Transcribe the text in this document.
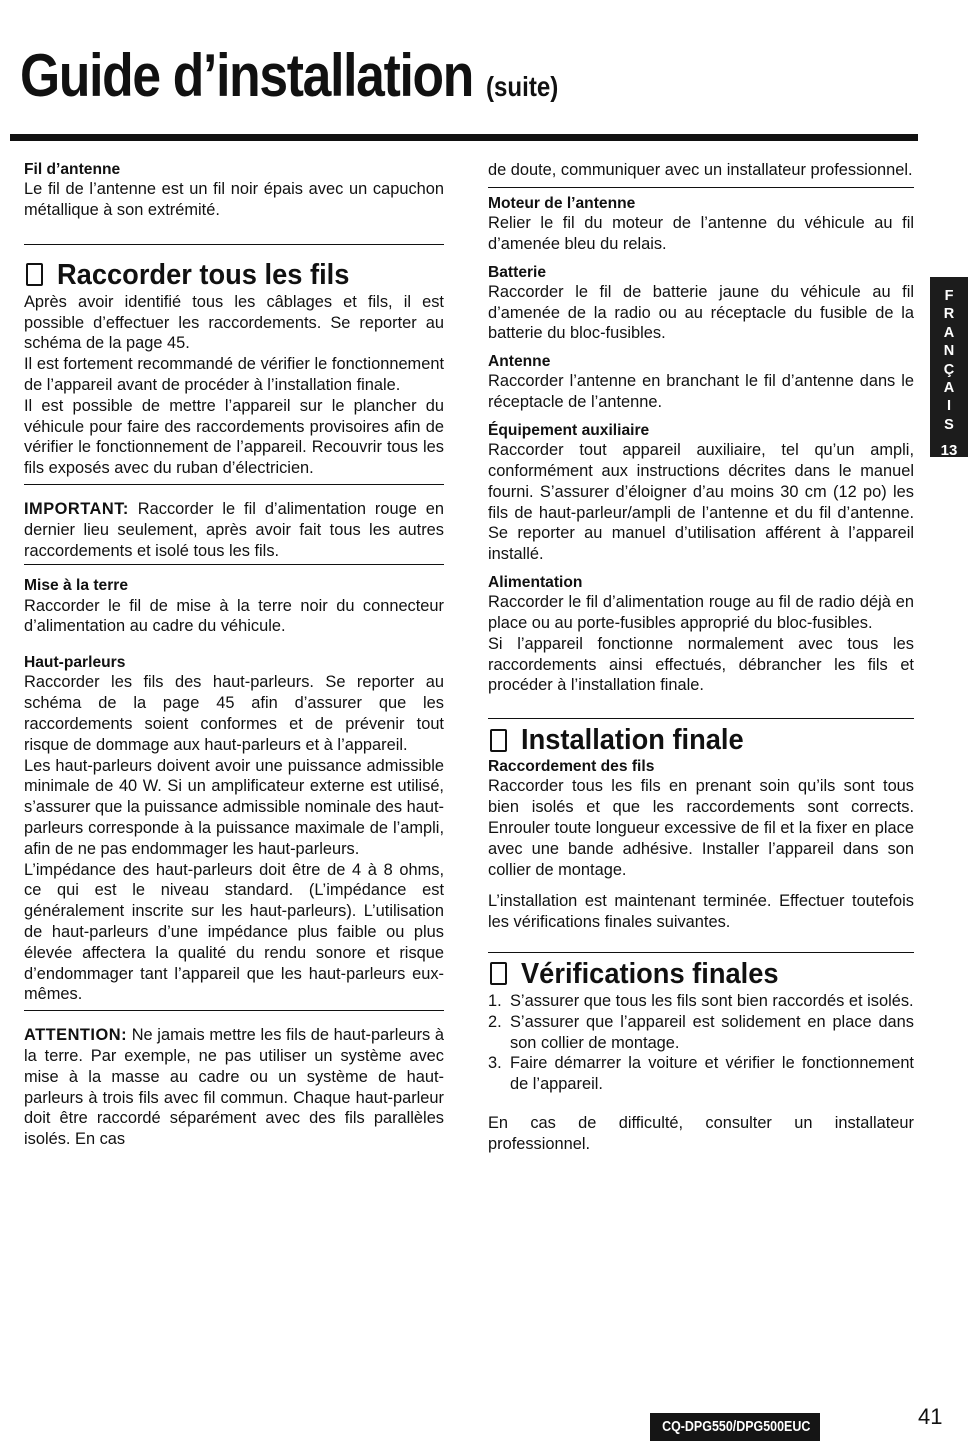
Guide d’installation (suite)
Fil d’antenne

Le fil de l’antenne est un fil noir épais avec un capuchon métallique à son extrémité.

Raccorder tous les fils

Après avoir identifié tous les câblages et fils, il est possible d’effectuer les raccordements. Se reporter au schéma de la page 45.

Il est fortement recommandé de vérifier le fonctionnement de l’appareil avant de procéder à l’installation finale.

Il est possible de mettre l’appareil sur le plancher du véhicule pour faire des raccordements provisoires afin de vérifier le fonctionnement de l’appareil. Recouvrir tous les fils exposés avec du ruban d’électricien.

IMPORTANT: Raccorder le fil d’alimentation rouge en dernier lieu seulement, après avoir fait tous les autres raccordements et isolé tous les fils.

Mise à la terre

Raccorder le fil de mise à la terre noir du connecteur d’alimentation au cadre du véhicule.

Haut-parleurs

Raccorder les fils des haut-parleurs. Se reporter au schéma de la page 45 afin d’assurer que les raccordements soient conformes et de prévenir tout risque de dommage aux haut-parleurs et à l’appareil.

Les haut-parleurs doivent avoir une puissance admissible minimale de 40 W. Si un amplificateur externe est utilisé, s’assurer que la puissance admissible nominale des haut-parleurs corresponde à la puissance maximale de l’ampli, afin de ne pas endommager les haut-parleurs.

L’impédance des haut-parleurs doit être de 4 à 8 ohms, ce qui est le niveau standard. (L’impédance est généralement inscrite sur les haut-parleurs). L’utilisation de haut-parleurs d’une impédance plus faible ou plus élevée affectera la qualité du rendu sonore et risque d’endommager tant l’appareil que les haut-parleurs eux-mêmes.

ATTENTION: Ne jamais mettre les fils de haut-parleurs à la terre. Par exemple, ne pas utiliser un système avec mise à la masse au cadre ou un système de haut-parleurs à trois fils avec fil commun. Chaque haut-parleur doit être raccordé séparément avec des fils parallèles isolés. En cas

de doute, communiquer avec un installateur professionnel.

Moteur de l’antenne

Relier le fil du moteur de l’antenne du véhicule au fil d’amenée bleu du relais.

Batterie

Raccorder le fil de batterie jaune du véhicule au fil d’amenée de la radio ou au réceptacle du fusible de la batterie du bloc-fusibles.

Antenne

Raccorder l’antenne en branchant le fil d’antenne dans le réceptacle de l’antenne.

Équipement auxiliaire

Raccorder tout appareil auxiliaire, tel qu’un ampli, conformément aux instructions décrites dans le manuel fourni. S’assurer d’éloigner d’au moins 30 cm (12 po) les fils de haut-parleur/ampli de l’antenne et du fil d’antenne. Se reporter au manuel d’utilisation afférent à l’appareil installé.

Alimentation

Raccorder le fil d’alimentation rouge au fil de radio déjà en place ou au porte-fusibles approprié du bloc-fusibles.

Si l’appareil fonctionne normalement avec tous les raccordements ainsi effectués, débrancher les fils et procéder à l’installation finale.

Installation finale
Raccordement des fils

Raccorder tous les fils en prenant soin qu’ils sont tous bien isolés et que les raccordements sont corrects. Enrouler toute longueur excessive de fil et la fixer en place avec une bande adhésive. Installer l’appareil dans son collier de montage.

L’installation est maintenant terminée. Effectuer toutefois les vérifications finales suivantes.

Vérifications finales
1. S’assurer que tous les fils sont bien raccordés et isolés.
2. S’assurer que l’appareil est solidement en place dans son collier de montage.
3. Faire démarrer la voiture et vérifier le fonctionnement de l’appareil.

En cas de difficulté, consulter un installateur professionnel.

F
R
A
N
Ç
A
I
S
13
CQ-DPG550/DPG500EUC	41
